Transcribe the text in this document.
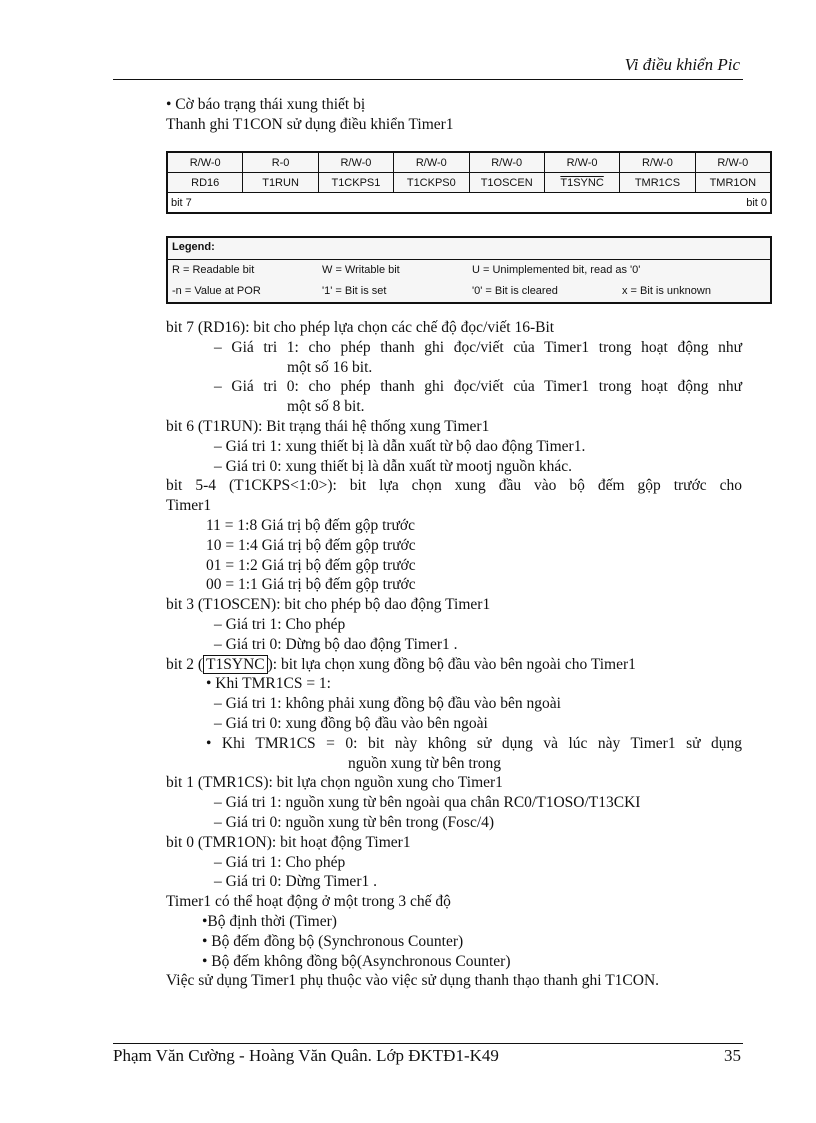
Vi điều khiển Pic

• Cờ báo trạng thái xung thiết bị

Thanh ghi T1CON sử dụng điều khiển Timer1

R/W-0	R-0	R/W-0	R/W-0	R/W-0	R/W-0	R/W-0	R/W-0
RD16	T1RUN	T1CKPS1	T1CKPS0	T1OSCEN	T1SYNC	TMR1CS	TMR1ON
bit 7	bit 0
Legend:
R = Readable bit	W = Writable bit	U = Unimplemented bit, read as '0'
-n = Value at POR	'1' = Bit is set	'0' = Bit is cleared	x = Bit is unknown

bit 7 (RD16): bit cho phép lựa chọn các chế độ đọc/viết 16-Bit

– Giá tri 1: cho phép thanh ghi đọc/viết của Timer1 trong hoạt động như

một số 16 bit.

– Giá tri 0: cho phép thanh ghi đọc/viết của Timer1 trong hoạt động như

một số 8 bit.

bit 6 (T1RUN): Bit trạng thái hệ thống xung Timer1

– Giá tri 1: xung thiết bị là dẫn xuất từ bộ dao động Timer1.

– Giá tri 0: xung thiết bị là dẫn xuất từ mootj nguồn khác.

bit 5-4 (T1CKPS<1:0>): bit lựa chọn xung đầu vào bộ đếm gộp trước cho

Timer1

11 = 1:8 Giá trị bộ đếm gộp trước

10 = 1:4 Giá trị bộ đếm gộp trước

01 = 1:2 Giá trị bộ đếm gộp trước

00 = 1:1 Giá trị bộ đếm gộp trước

bit 3 (T1OSCEN): bit cho phép bộ dao động Timer1

– Giá tri 1: Cho phép

– Giá tri 0: Dừng bộ dao động Timer1 .

bit 2 ( T1SYNC ): bit lựa chọn xung đồng bộ đầu vào bên ngoài cho Timer1

• Khi TMR1CS = 1:

– Giá tri 1: không phải xung đồng bộ đầu vào bên ngoài

– Giá tri 0: xung đồng bộ đầu vào bên ngoài

• Khi TMR1CS = 0: bit này không sử dụng và lúc này Timer1 sử dụng

nguồn xung từ bên trong

bit 1 (TMR1CS): bit lựa chọn nguồn xung cho Timer1

– Giá tri 1: nguồn xung từ bên ngoài qua chân RC0/T1OSO/T13CKI

– Giá tri 0: nguồn xung từ bên trong (Fosc/4)

bit 0 (TMR1ON): bit hoạt động Timer1

– Giá tri 1: Cho phép

– Giá tri 0: Dừng Timer1 .

Timer1 có thể hoạt động ở một trong 3 chế độ

•Bộ định thời (Timer)

• Bộ đếm đồng bộ (Synchronous Counter)

• Bộ đếm không đồng bộ(Asynchronous Counter)

Việc sử dụng Timer1 phụ thuộc vào việc sử dụng thanh thạo thanh ghi T1CON.

Phạm Văn Cường - Hoàng Văn Quân. Lớp ĐKTĐ1-K49	35
